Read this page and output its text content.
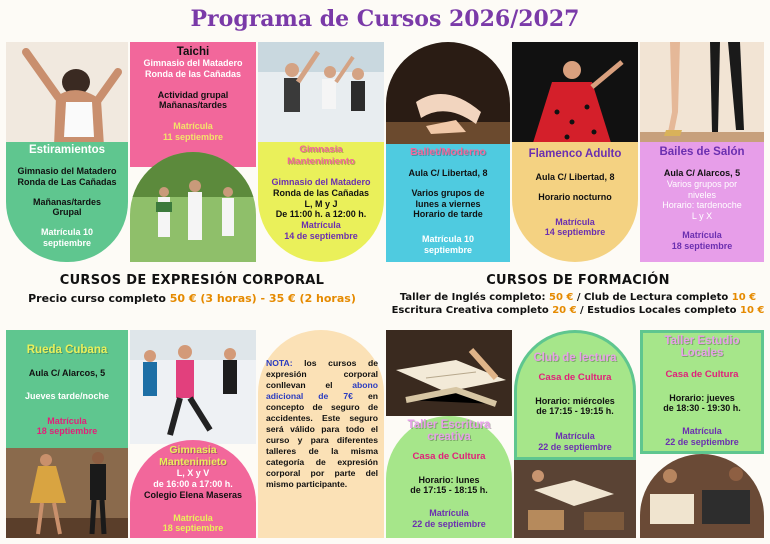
Programa de Cursos 2026/2027
Estiramientos
Gimnasio del Matadero
Ronda de Las Cañadas
Mañanas/tardes
Grupal
Matrícula 10
septiembre
Taichi
Gimnasio del Matadero
Ronda de las Cañadas
Actividad grupal
Mañanas/tardes
Matrícula
11 septiembre
Gimnasia
Mantenimiento
Gimnasio del Matadero
Ronda de las Cañadas
L, M y J
De 11:00 h. a 12:00 h.
Matrícula
14 de septiembre
Ballet/Moderno
Aula C/ Libertad, 8
Varios grupos de
lunes a viernes
Horario de tarde
Matrícula 10
septiembre
Flamenco Adulto
Aula C/ Libertad, 8
Horario nocturno
Matrícula
14 septiembre
Bailes de Salón
Aula C/ Alarcos, 5
Varios grupos por
niveles
Horario: tardenoche
L y X
Matrícula
18 septiembre
CURSOS DE EXPRESIÓN CORPORAL
Precio curso completo 50 € (3 horas) - 35 € (2 horas)
CURSOS DE FORMACIÓN
Taller de Inglés completo: 50 € / Club de Lectura completo 10 €
Escritura Creativa completo 20 € / Estudios Locales completo 10 €
Rueda Cubana
Aula C/ Alarcos, 5
Jueves tarde/noche
Matrícula
18 septiembre
Gimnasia
Mantenimieto
L, X y V
de 16:00 a 17:00 h.
Colegio Elena Maseras
Matrícula
18 septiembre
NOTA: los cursos de expresión corporal conllevan el abono adicional de 7€ en concepto de seguro de accidentes. Este seguro será válido para todo el curso y para diferentes talleres de la misma categoría de expresión corporal por parte del mismo participante.
Taller Escritura
creativa
Casa de Cultura
Horario: lunes
de 17:15 - 18:15 h.
Matrícula
22 de septiembre
Club de lectura
Casa de Cultura
Horario: miércoles
de 17:15 - 19:15 h.
Matrícula
22 de septiembre
Taller Estudio
Locales
Casa de Cultura
Horario: jueves
de 18:30 - 19:30 h.
Matrícula
22 de septiembre
